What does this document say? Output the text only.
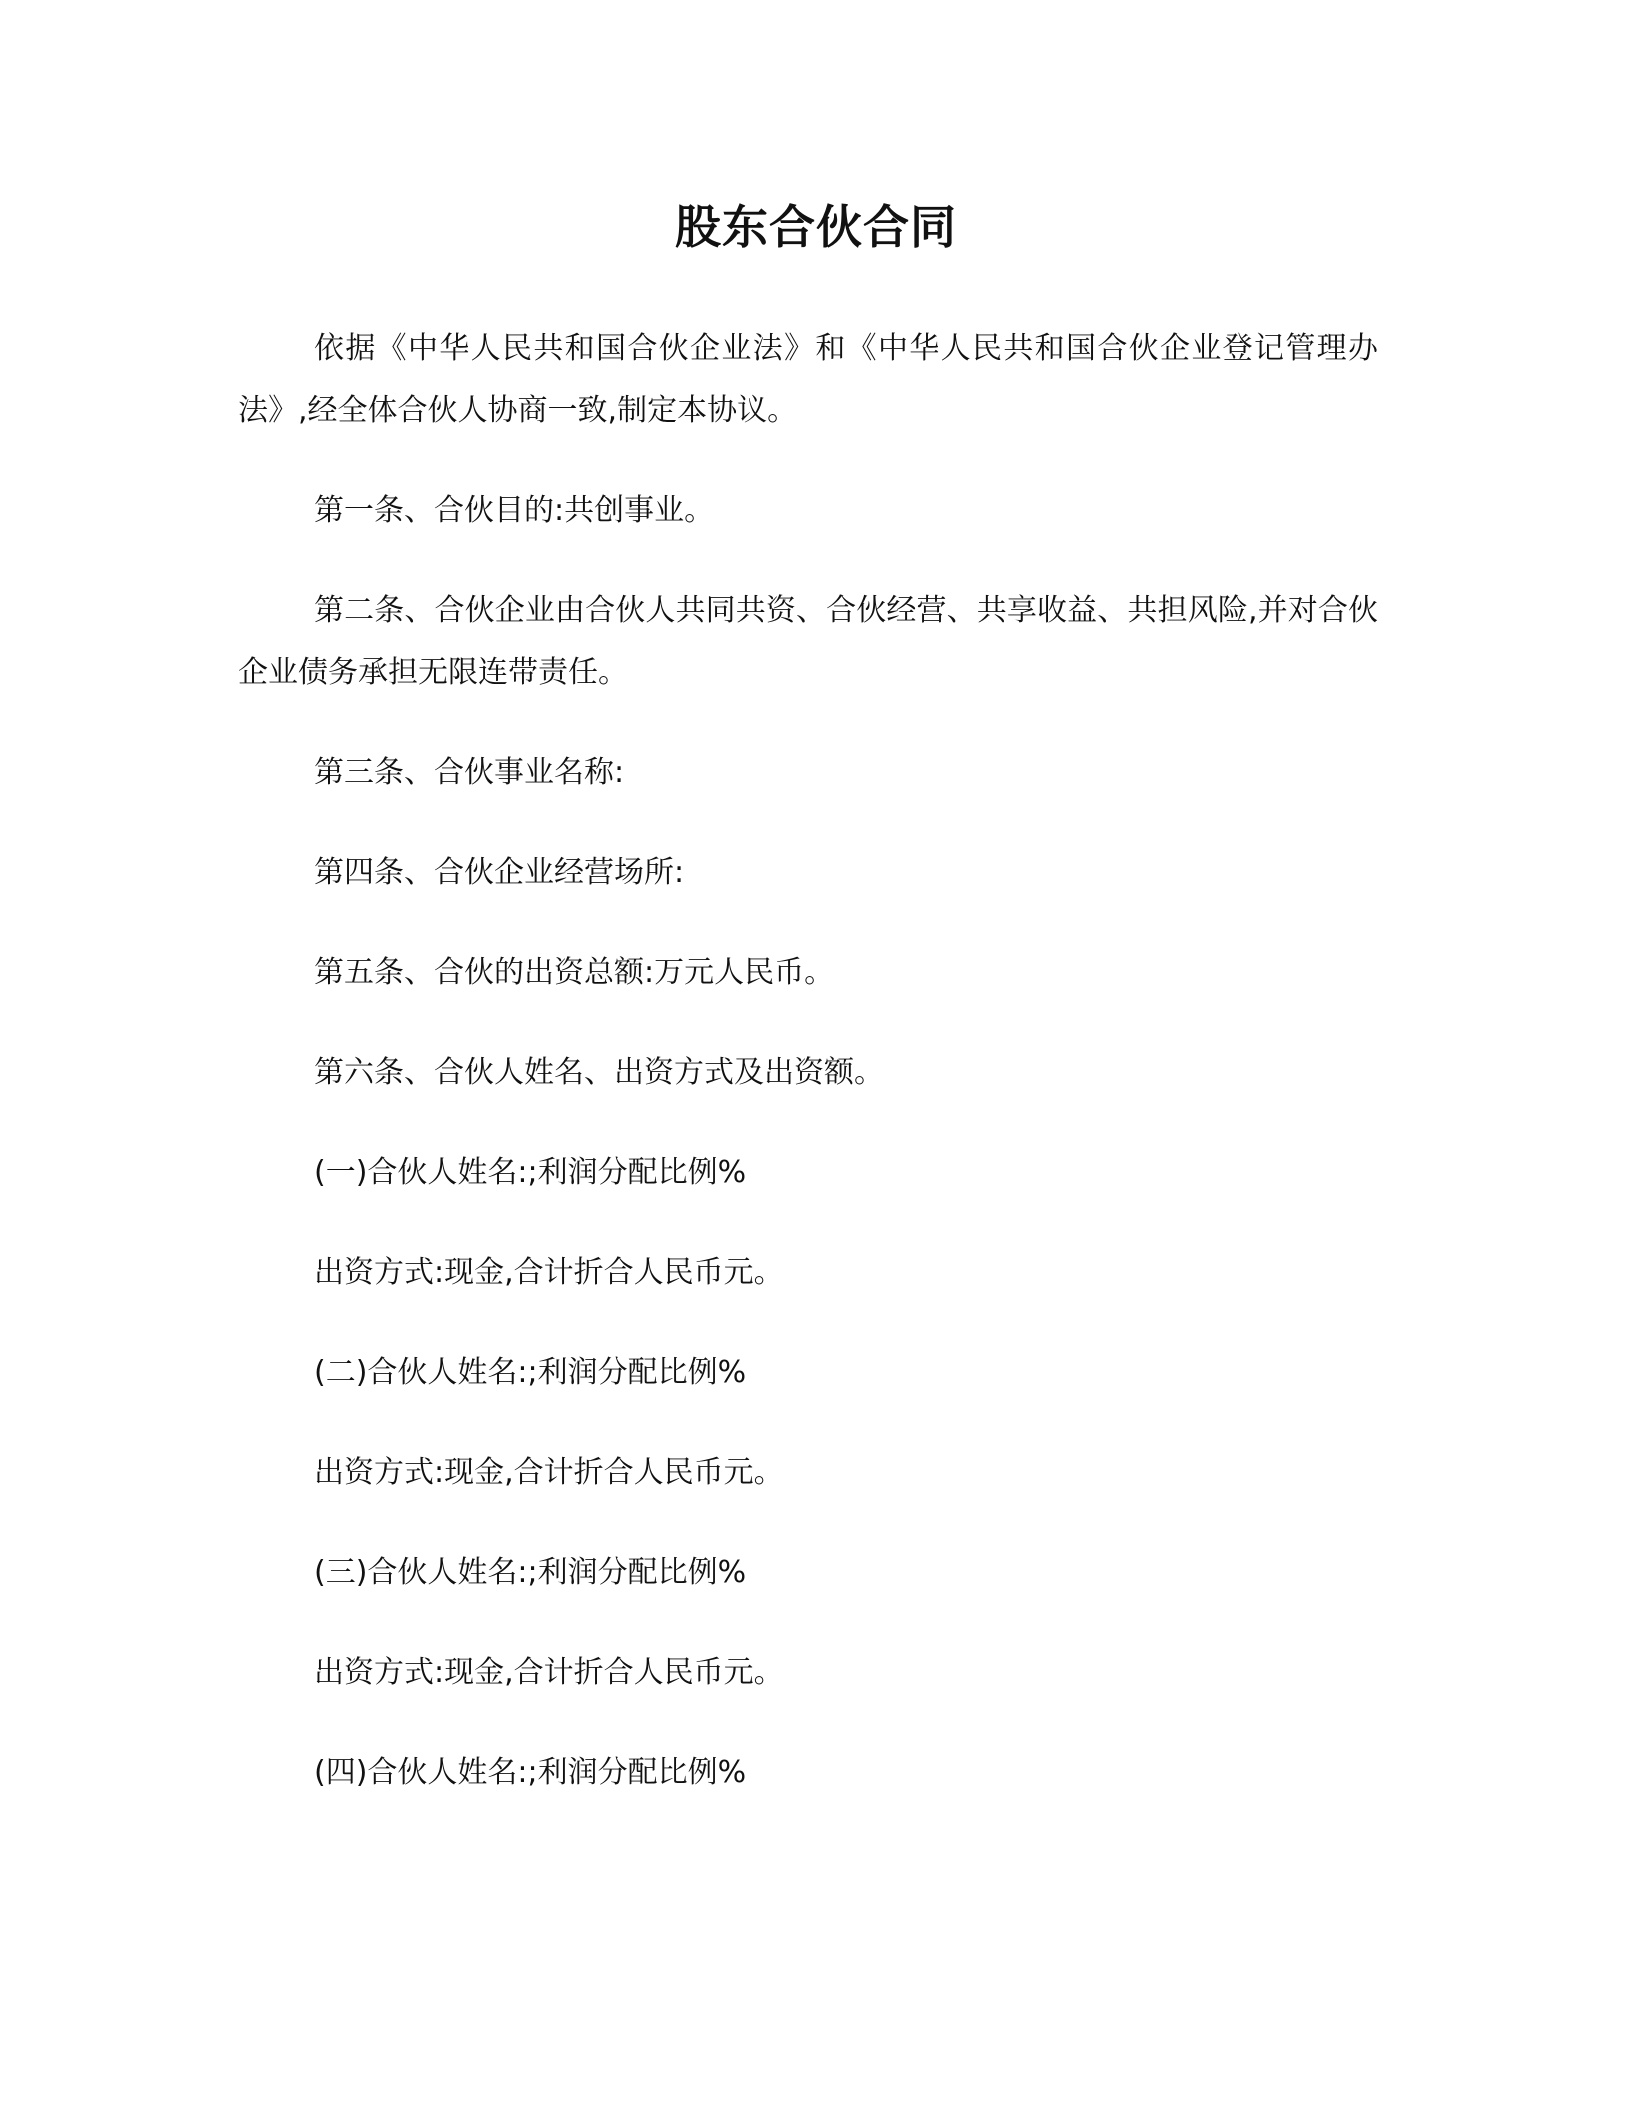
股东合伙合同

依据《中华人民共和国合伙企业法》和《中华人民共和国合伙企业登记管理办法》,经全体合伙人协商一致,制定本协议。

第一条、合伙目的:共创事业。

第二条、合伙企业由合伙人共同共资、合伙经营、共享收益、共担风险,并对合伙企业债务承担无限连带责任。

第三条、合伙事业名称:

第四条、合伙企业经营场所:

第五条、合伙的出资总额:万元人民币。

第六条、合伙人姓名、出资方式及出资额。

(一)合伙人姓名:;利润分配比例%

出资方式:现金,合计折合人民币元。

(二)合伙人姓名:;利润分配比例%

出资方式:现金,合计折合人民币元。

(三)合伙人姓名:;利润分配比例%

出资方式:现金,合计折合人民币元。

(四)合伙人姓名:;利润分配比例%
